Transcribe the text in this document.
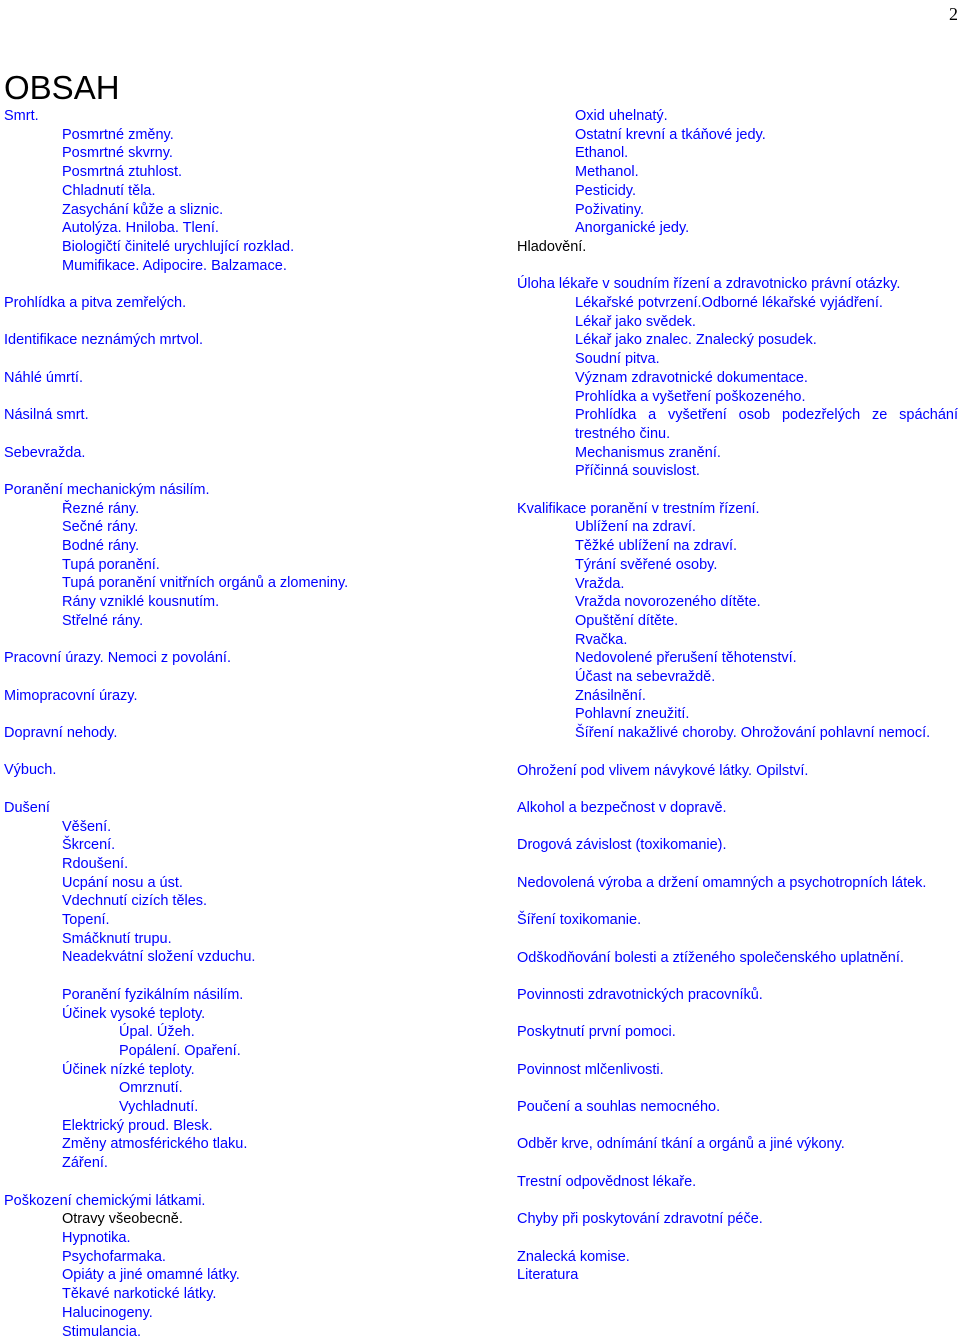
2
OBSAH
Smrt.
Posmrtné změny.
Posmrtné skvrny.
Posmrtná ztuhlost.
Chladnutí těla.
Zasychání kůže a sliznic.
Autolýza. Hniloba. Tlení.
Biologičtí činitelé urychlující rozklad.
Mumifikace. Adipocire. Balzamace.
Prohlídka a pitva zemřelých.
Identifikace neznámých mrtvol.
Náhlé úmrtí.
Násilná smrt.
Sebevražda.
Poranění mechanickým násilím.
Řezné rány.
Sečné rány.
Bodné rány.
Tupá poranění.
Tupá poranění vnitřních orgánů a zlomeniny.
Rány vzniklé kousnutím.
Střelné rány.
Pracovní úrazy. Nemoci z povolání.
Mimopracovní úrazy.
Dopravní nehody.
Výbuch.
Dušení
Věšení.
Škrcení.
Rdoušení.
Ucpání nosu a úst.
Vdechnutí cizích těles.
Topení.
Smáčknutí trupu.
Neadekvátní složení vzduchu.
Poranění fyzikálním násilím.
Účinek vysoké teploty.
Úpal. Úžeh.
Popálení. Opaření.
Účinek nízké teploty.
Omrznutí.
Vychladnutí.
Elektrický proud. Blesk.
Změny atmosférického tlaku.
Záření.
Poškození chemickými látkami.
Otravy všeobecně.
Hypnotika.
Psychofarmaka.
Opiáty a jiné omamné látky.
Těkavé narkotické látky.
Halucinogeny.
Stimulancia.
Oxid uhelnatý.
Ostatní krevní a tkáňové jedy.
Ethanol.
Methanol.
Pesticidy.
Poživatiny.
Anorganické jedy.
Hladovění.
Úloha lékaře v soudním řízení a zdravotnicko právní otázky.
Lékařské potvrzení.Odborné lékařské vyjádření.
Lékař jako svědek.
Lékař jako znalec. Znalecký posudek.
Soudní pitva.
Význam zdravotnické dokumentace.
Prohlídka a vyšetření poškozeného.
Prohlídka a vyšetření osob podezřelých ze spáchání trestného činu.
Mechanismus zranění.
Příčinná souvislost.
Kvalifikace poranění v trestním řízení.
Ublížení na zdraví.
Těžké ublížení na zdraví.
Týrání svěřené osoby.
Vražda.
Vražda novorozeného dítěte.
Opuštění dítěte.
Rvačka.
Nedovolené přerušení těhotenství.
Účast na sebevraždě.
Znásilnění.
Pohlavní zneužití.
Šíření nakažlivé choroby. Ohrožování pohlavní nemocí.
Ohrožení pod vlivem návykové látky. Opilství.
Alkohol a bezpečnost v dopravě.
Drogová závislost (toxikomanie).
Nedovolená výroba a držení omamných a psychotropních látek.
Šíření toxikomanie.
Odškodňování bolesti a ztíženého společenského uplatnění.
Povinnosti zdravotnických pracovníků.
Poskytnutí první pomoci.
Povinnost mlčenlivosti.
Poučení a souhlas nemocného.
Odběr krve, odnímání tkání a orgánů a jiné výkony.
Trestní odpovědnost lékaře.
Chyby při poskytování zdravotní péče.
Znalecká komise.
Literatura
